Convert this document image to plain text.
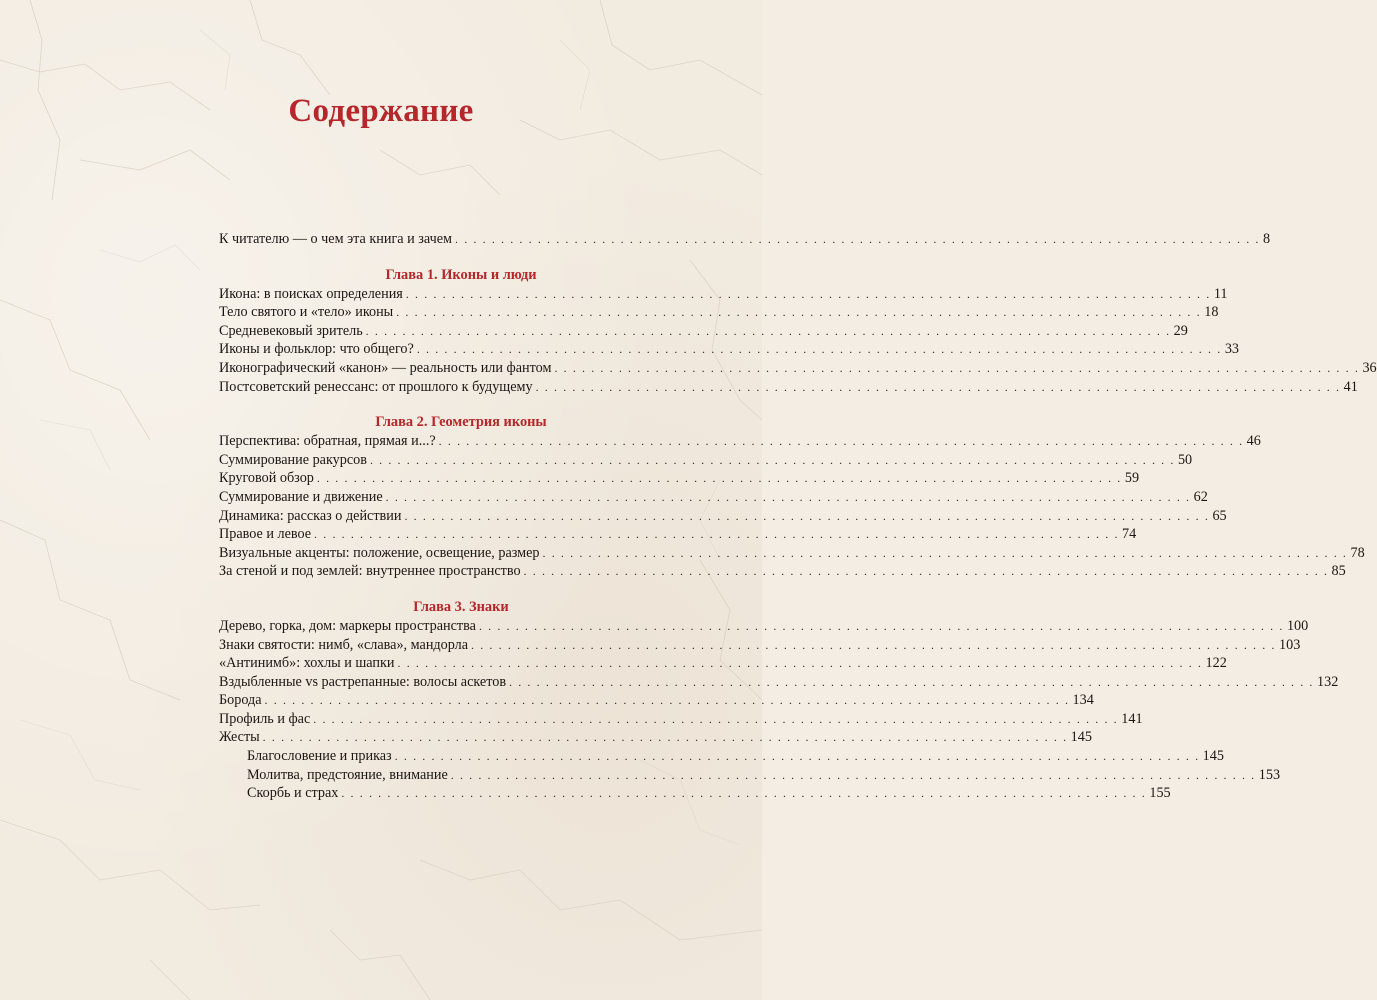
Содержание
К читателю — о чем эта книга и зачем . . .	8
Глава 1. Иконы и люди
Икона: в поисках определения . . .	11
Тело святого и «тело» иконы . . .	18
Средневековый зритель . . .	29
Иконы и фольклор: что общего? . . .	33
Иконографический «канон» — реальность или фантом . . .	36
Постсоветский ренессанс: от прошлого к будущему . . .	41
Глава 2. Геометрия иконы
Перспектива: обратная, прямая и...? . . .	46
Суммирование ракурсов . . .	50
Круговой обзор . . .	59
Суммирование и движение . . .	62
Динамика: рассказ о действии . . .	65
Правое и левое . . .	74
Визуальные акценты: положение, освещение, размер . . .	78
За стеной и под землей: внутреннее пространство . . .	85
Глава 3. Знаки
Дерево, горка, дом: маркеры пространства . . .	100
Знаки святости: нимб, «слава», мандорла . . .	103
«Антинимб»: хохлы и шапки . . .	122
Вздыбленные vs растрепанные: волосы аскетов . . .	132
Борода . . .	134
Профиль и фас . . .	141
Жесты . . .	145
Благословение и приказ . . .	145
Молитва, предстояние, внимание . . .	153
Скорбь и страх . . .	155
